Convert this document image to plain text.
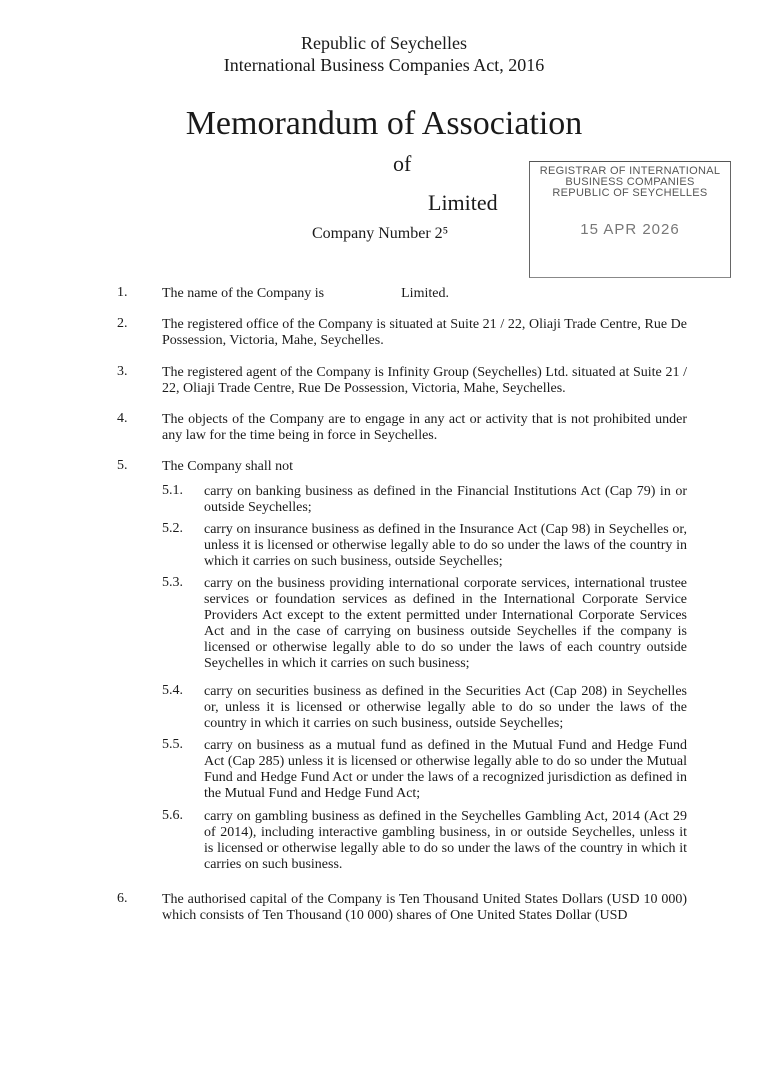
Republic of Seychelles
International Business Companies Act, 2016
Memorandum of Association
of
Limited
Company Number 2⁵
REGISTRAR OF INTERNATIONAL
BUSINESS COMPANIES
REPUBLIC OF SEYCHELLES
15 APR 2026
1. The name of the Company is                      Limited.
2. The registered office of the Company is situated at Suite 21 / 22, Oliaji Trade Centre, Rue De Possession, Victoria, Mahe, Seychelles.
3. The registered agent of the Company is Infinity Group (Seychelles) Ltd. situated at Suite 21 / 22, Oliaji Trade Centre, Rue De Possession, Victoria, Mahe, Seychelles.
4. The objects of the Company are to engage in any act or activity that is not prohibited under any law for the time being in force in Seychelles.
5. The Company shall not
5.1. carry on banking business as defined in the Financial Institutions Act (Cap 79) in or outside Seychelles;
5.2. carry on insurance business as defined in the Insurance Act (Cap 98) in Seychelles or, unless it is licensed or otherwise legally able to do so under the laws of the country in which it carries on such business, outside Seychelles;
5.3. carry on the business providing international corporate services, international trustee services or foundation services as defined in the International Corporate Service Providers Act except to the extent permitted under International Corporate Services Act and in the case of carrying on business outside Seychelles if the company is licensed or otherwise legally able to do so under the laws of each country outside Seychelles in which it carries on such business;
5.4. carry on securities business as defined in the Securities Act (Cap 208) in Seychelles or, unless it is licensed or otherwise legally able to do so under the laws of the country in which it carries on such business, outside Seychelles;
5.5. carry on business as a mutual fund as defined in the Mutual Fund and Hedge Fund Act (Cap 285) unless it is licensed or otherwise legally able to do so under the Mutual Fund and Hedge Fund Act or under the laws of a recognized jurisdiction as defined in the Mutual Fund and Hedge Fund Act;
5.6. carry on gambling business as defined in the Seychelles Gambling Act, 2014 (Act 29 of 2014), including interactive gambling business, in or outside Seychelles, unless it is licensed or otherwise legally able to do so under the laws of the country in which it carries on such business.
6. The authorised capital of the Company is Ten Thousand United States Dollars (USD 10 000) which consists of Ten Thousand (10 000) shares of One United States Dollar (USD
